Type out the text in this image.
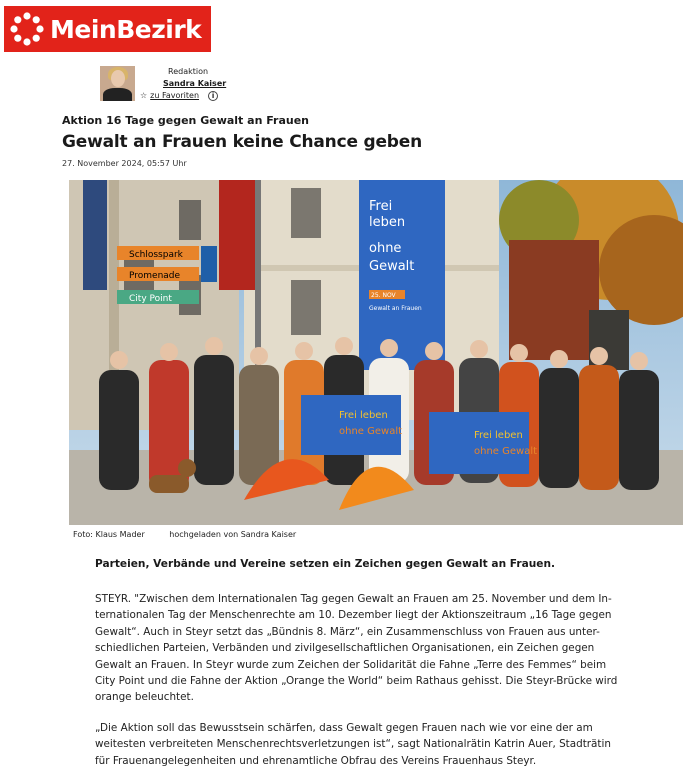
MeinBezirk
Redaktion
Sandra Kaiser
☆ zu Favoriten	i
Aktion 16 Tage gegen Gewalt an Frauen
Gewalt an Frauen keine Chance geben
27. November 2024, 05:57 Uhr
Schlosspark
Promenade
City Point
Frei
leben
ohne
Gewalt
25. NOV
Gewalt an Frauen
Frei leben
ohne Gewalt	Frei leben
ohne Gewalt
Foto: Klaus Mader	hochgeladen von Sandra Kaiser
Parteien, Verbände und Vereine setzen ein Zeichen gegen Gewalt an Frauen.
STEYR. "Zwischen dem Internationalen Tag gegen Gewalt an Frauen am 25. November und dem In-
ternationalen Tag der Menschenrechte am 10. Dezember liegt der Aktionszeitraum „16 Tage gegen
Gewalt“. Auch in Steyr setzt das „Bündnis 8. März“, ein Zusammenschluss von Frauen aus unter-
schiedlichen Parteien, Verbänden und zivilgesellschaftlichen Organisationen, ein Zeichen gegen
Gewalt an Frauen. In Steyr wurde zum Zeichen der Solidarität die Fahne „Terre des Femmes“ beim
City Point und die Fahne der Aktion „Orange the World“ beim Rathaus gehisst. Die Steyr-Brücke wird
orange beleuchtet.
„Die Aktion soll das Bewusstsein schärfen, dass Gewalt gegen Frauen nach wie vor eine der am
weitesten verbreiteten Menschenrechtsverletzungen ist“, sagt Nationalrätin Katrin Auer, Stadträtin
für Frauenangelegenheiten und ehrenamtliche Obfrau des Vereins Frauenhaus Steyr.
